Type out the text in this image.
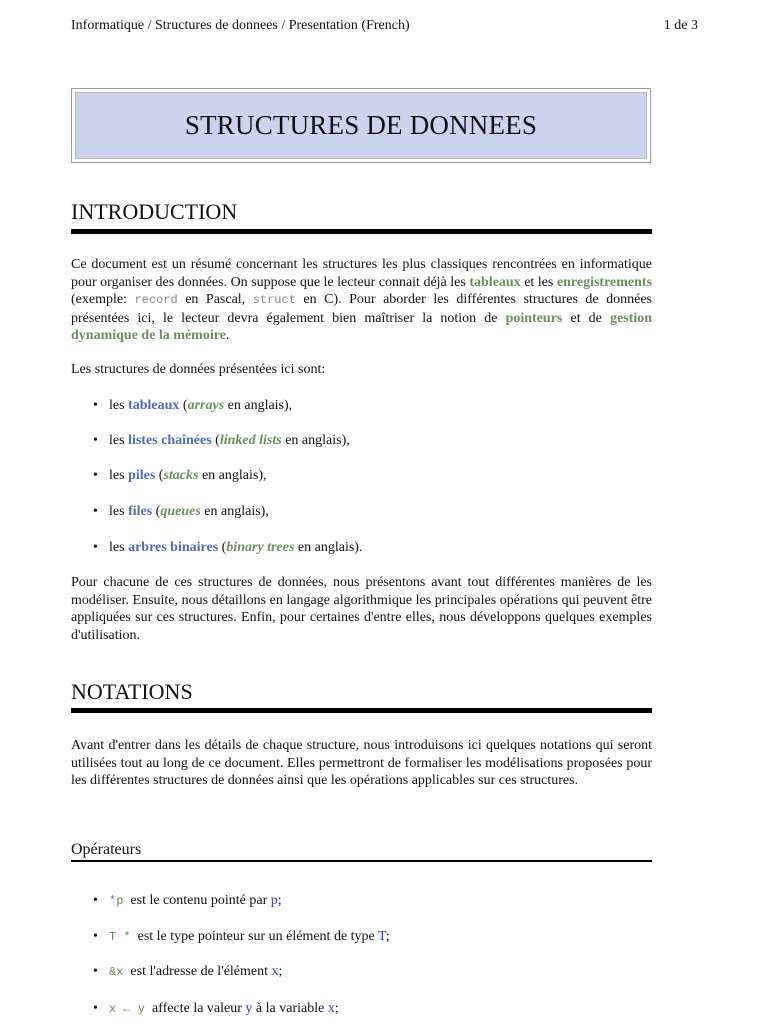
Informatique / Structures de donnees / Presentation (French)	1 de 3
STRUCTURES DE DONNEES
INTRODUCTION

Ce document est un résumé concernant les structures les plus classiques rencontrées en informatique pour organiser des données. On suppose que le lecteur connait déjà les tableaux et les enregistrements (exemple: record en Pascal, struct en C). Pour aborder les différentes structures de données présentées ici, le lecteur devra également bien maîtriser la notion de pointeurs et de gestion dynamique de la mémoire.

Les structures de données présentées ici sont:

• les tableaux (arrays en anglais),
• les listes chaînées (linked lists en anglais),
• les piles (stacks en anglais),
• les files (queues en anglais),
• les arbres binaires (binary trees en anglais).

Pour chacune de ces structures de données, nous présentons avant tout différentes manières de les modéliser. Ensuite, nous détaillons en langage algorithmique les principales opérations qui peuvent être appliquées sur ces structures. Enfin, pour certaines d'entre elles, nous développons quelques exemples d'utilisation.

NOTATIONS

Avant d'entrer dans les détails de chaque structure, nous introduisons ici quelques notations qui seront utilisées tout au long de ce document. Elles permettront de formaliser les modélisations proposées pour les différentes structures de données ainsi que les opérations applicables sur ces structures.

Opérateurs
• *p est le contenu pointé par p;
• T * est le type pointeur sur un élément de type T;
• &x est l'adresse de l'élément x;
• x ← y affecte la valeur y à la variable x;
